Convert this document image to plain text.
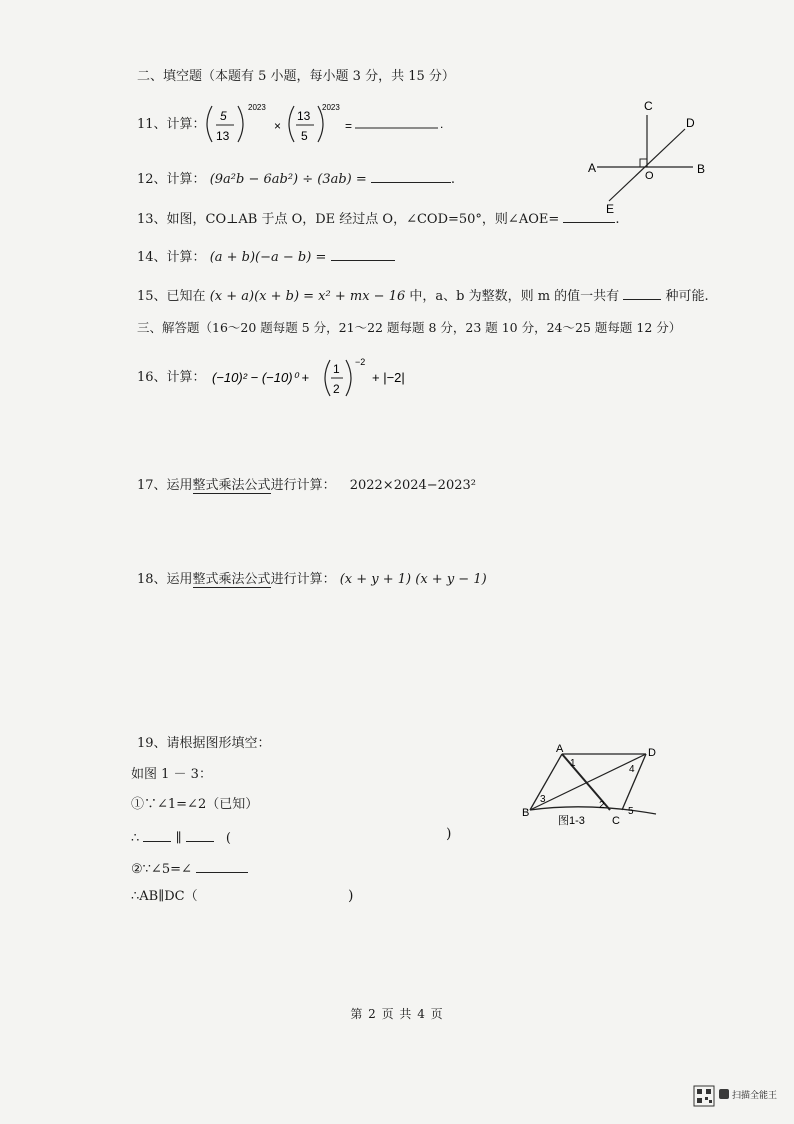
二、填空题（本题有 5 小题，每小题 3 分，共 15 分）
11、计算：
5
13
2023
×
13
5
2023
=	.
C
D
A
O	B
E
12、计算： (9a²b − 6ab²) ÷ (3ab) =	.
13、如图，CO⊥AB 于点 O，DE 经过点 O，∠COD=50°，则∠AOE=	.
14、计算： (a + b)(−a − b) =
15、已知在 (x + a)(x + b) = x² + mx − 16 中，a、b 为整数，则 m 的值一共有	种可能.
三、解答题（16～20 题每题 5 分，21～22 题每题 8 分，23 题 10 分，24～25 题每题 12 分）
16、计算： (−10)² − (−10)⁰ +
1
2
−2
+ |−2|
17、运用整式乘法公式进行计算： 2022×2024−2023²
18、运用整式乘法公式进行计算： (x + y + 1) (x + y − 1)
19、请根据图形填空：
如图 1 － 3：
①∵∠1=∠2（已知）
∴	∥	(	)
②∵∠5=∠
∴AB∥DC（	)
A	D
B
C
1
2
3
4
5
图1-3
第 2 页 共 4 页
扫描全能王
